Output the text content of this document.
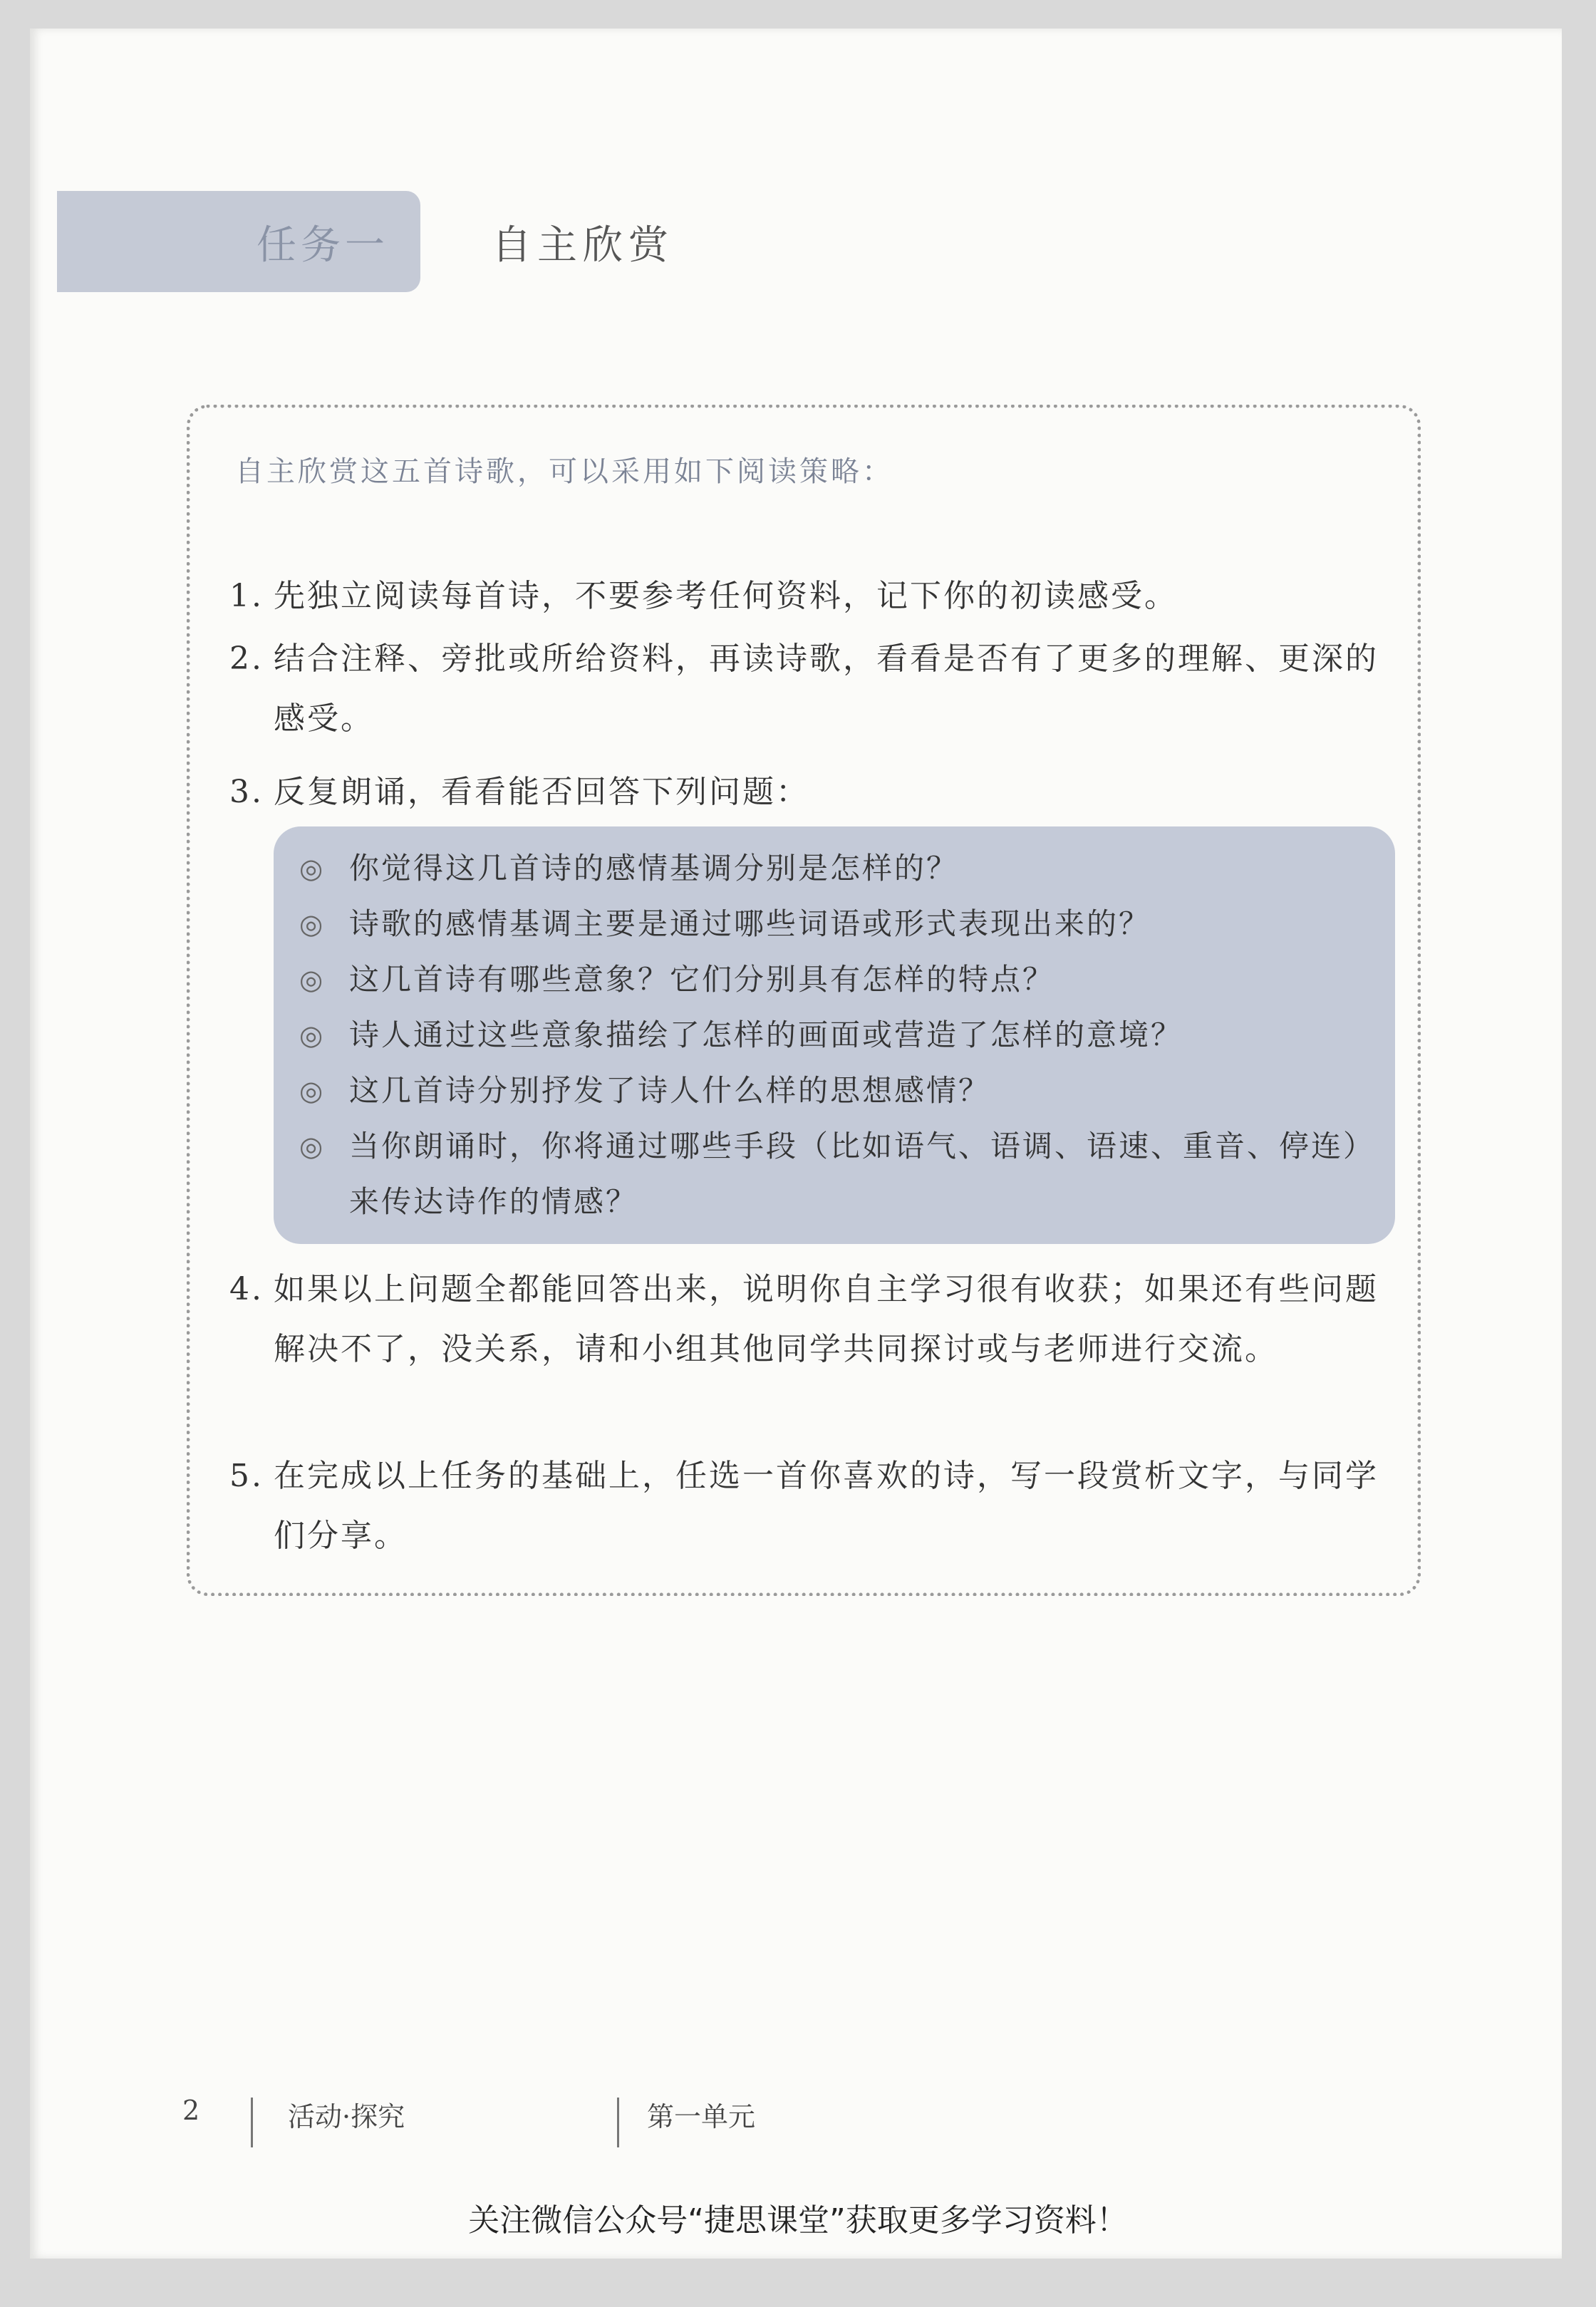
任务一	自主欣赏
自主欣赏这五首诗歌，可以采用如下阅读策略：
1. 先独立阅读每首诗，不要参考任何资料，记下你的初读感受。
2. 结合注释、旁批或所给资料，再读诗歌，看看是否有了更多的理解、更深的感受。
3. 反复朗诵，看看能否回答下列问题：
◎ 你觉得这几首诗的感情基调分别是怎样的？
◎ 诗歌的感情基调主要是通过哪些词语或形式表现出来的？
◎ 这几首诗有哪些意象？它们分别具有怎样的特点？
◎ 诗人通过这些意象描绘了怎样的画面或营造了怎样的意境？
◎ 这几首诗分别抒发了诗人什么样的思想感情？
◎ 当你朗诵时，你将通过哪些手段（比如语气、语调、语速、重音、停连）来传达诗作的情感？
4. 如果以上问题全都能回答出来，说明你自主学习很有收获；如果还有些问题解决不了，没关系，请和小组其他同学共同探讨或与老师进行交流。
5. 在完成以上任务的基础上，任选一首你喜欢的诗，写一段赏析文字，与同学们分享。
2	活动·探究	第一单元
关注微信公众号“捷思课堂”获取更多学习资料！
